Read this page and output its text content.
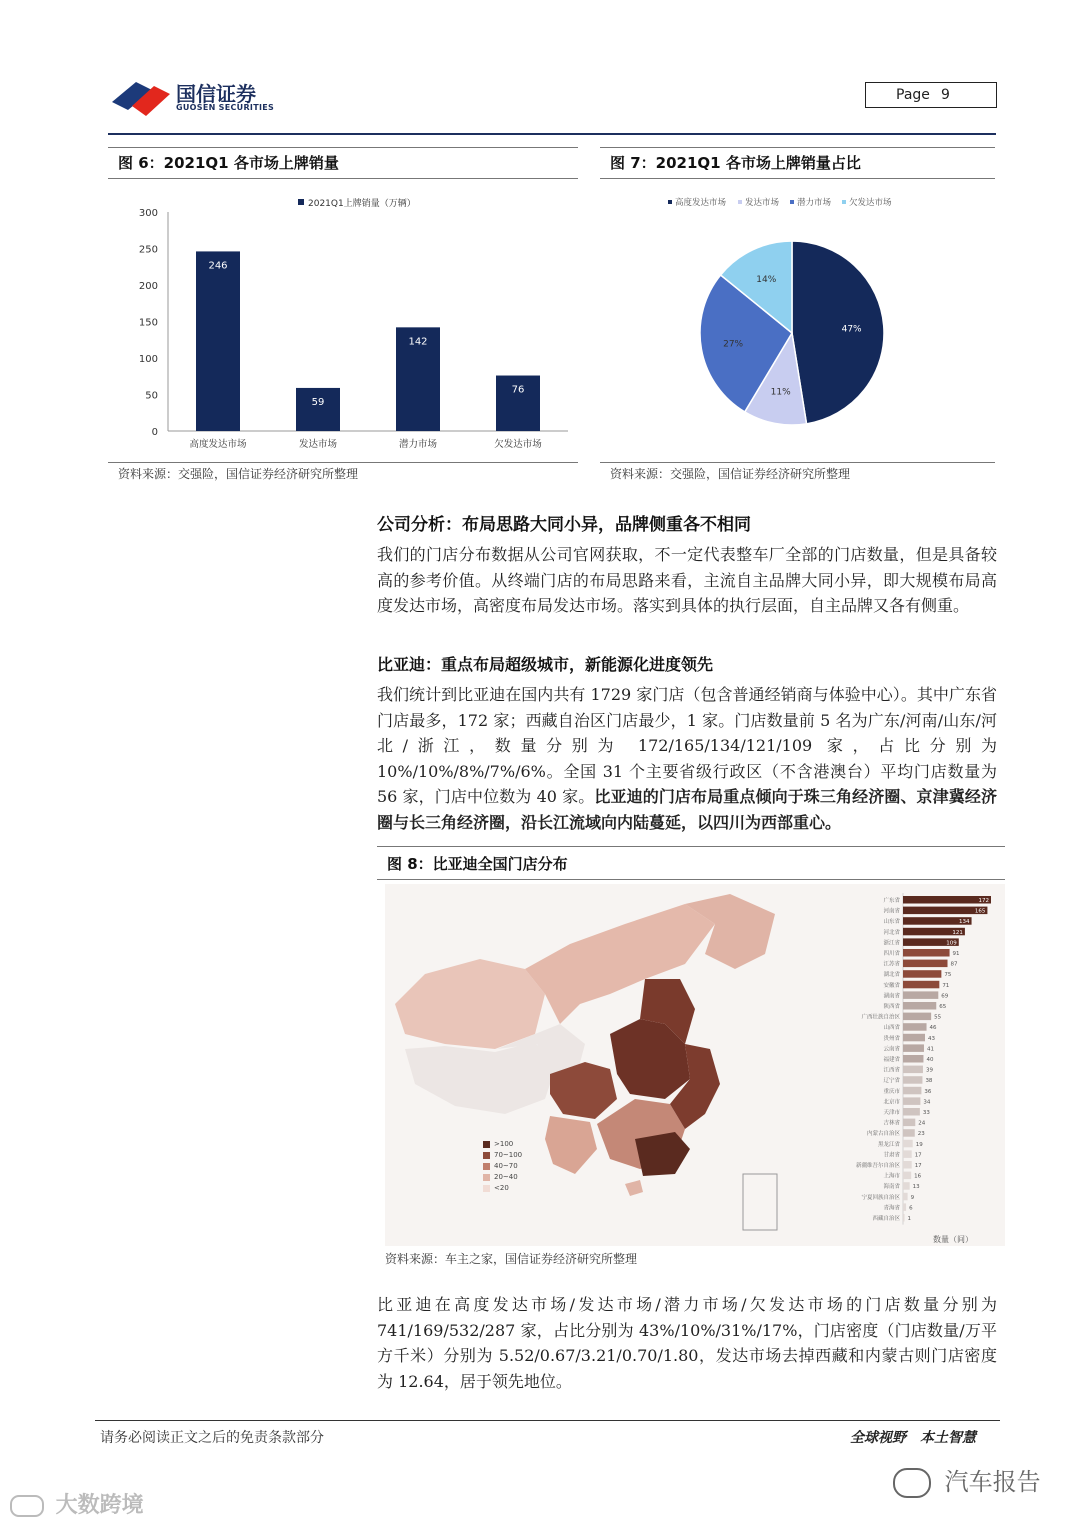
国信证券
GUOSEN SECURITIES
Page 9
图 6：2021Q1 各市场上牌销量
2021Q1上牌销量（万辆）
0
50
100
150
200
250
300
246
高度发达市场
59
发达市场
142
潜力市场
76
欠发达市场
资料来源：交强险，国信证券经济研究所整理
图 7：2021Q1 各市场上牌销量占比
高度发达市场 发达市场 潜力市场 欠发达市场
47%
11%
27%
14%
资料来源：交强险，国信证券经济研究所整理
公司分析：布局思路大同小异，品牌侧重各不相同
我们的门店分布数据从公司官网获取，不一定代表整车厂全部的门店数量，但是具备较高的参考价值。从终端门店的布局思路来看，主流自主品牌大同小异，即大规模布局高度发达市场，高密度布局发达市场。落实到具体的执行层面，自主品牌又各有侧重。
比亚迪：重点布局超级城市，新能源化进度领先
我们统计到比亚迪在国内共有 1729 家门店（包含普通经销商与体验中心）。其中广东省门店最多，172 家；西藏自治区门店最少，1 家。门店数量前 5 名为广东/河南/山东/河北/浙江，数量分别为 172/165/134/121/109 家，占比分别为 10%/10%/8%/7%/6%。全国 31 个主要省级行政区（不含港澳台）平均门店数量为 56 家，门店中位数为 40 家。比亚迪的门店布局重点倾向于珠三角经济圈、京津冀经济圈与长三角经济圈，沿长江流域向内陆蔓延，以四川为西部重心。
图 8：比亚迪全国门店分布
>100
70~100
40~70
20~40
<20
广东省	172
河南省	165
山东省	134
河北省	121
浙江省	109
四川省	91
江苏省	87
湖北省	75
安徽省	71
湖南省	69
陕西省	65
广西壮族自治区	55
山西省	46
贵州省	43
云南省	41
福建省	40
江西省	39
辽宁省	38
重庆市	36
北京市	34
天津市	33
吉林省	24
内蒙古自治区	23
黑龙江省	19
甘肃省	17
新疆维吾尔自治区	17
上海市	16
海南省 13
宁夏回族自治区 9
青海省 6
西藏自治区 1
数量（间）
资料来源：车主之家，国信证券经济研究所整理
比亚迪在高度发达市场/发达市场/潜力市场/欠发达市场的门店数量分别为 741/169/532/287 家，占比分别为 43%/10%/31%/17%，门店密度（门店数量/万平方千米）分别为 5.52/0.67/3.21/0.70/1.80，发达市场去掉西藏和内蒙古则门店密度为 12.64，居于领先地位。
请务必阅读正文之后的免责条款部分	全球视野　本土智慧
汽车报告
大数跨境
